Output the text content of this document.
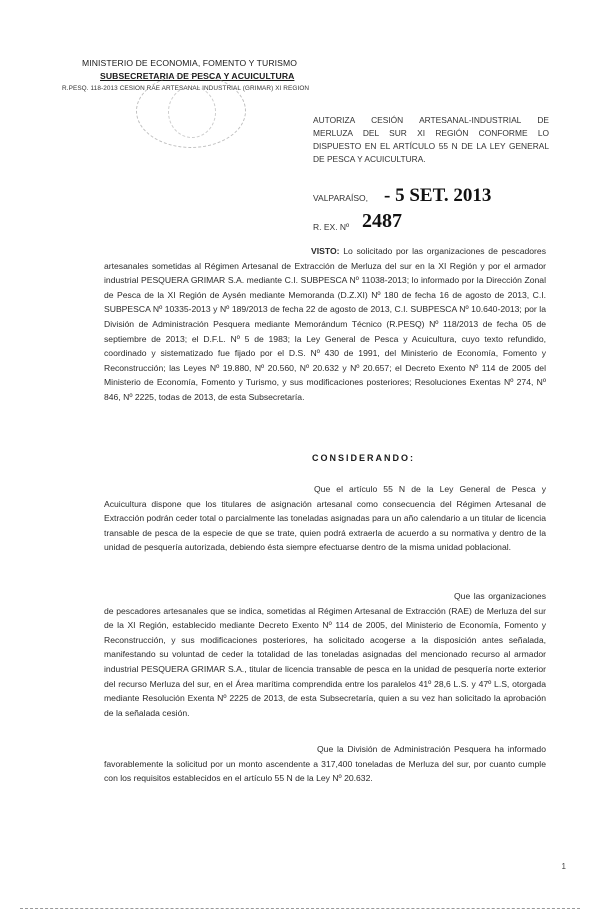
MINISTERIO DE ECONOMIA, FOMENTO Y TURISMO
SUBSECRETARIA DE PESCA Y ACUICULTURA
R.PESQ. 118-2013 CESION RAE ARTESANAL INDUSTRIAL (GRIMAR) XI REGION
AUTORIZA CESIÓN ARTESANAL-INDUSTRIAL DE MERLUZA DEL SUR XI REGIÓN CONFORME LO DISPUESTO EN EL ARTÍCULO 55 N DE LA LEY GENERAL DE PESCA Y ACUICULTURA.
VALPARAÍSO, - 5 SET. 2013
R. EX. Nº 2487
VISTO: Lo solicitado por las organizaciones de pescadores artesanales sometidas al Régimen Artesanal de Extracción de Merluza del sur en la XI Región y por el armador industrial PESQUERA GRIMAR S.A. mediante C.I. SUBPESCA Nº 11038-2013; lo informado por la Dirección Zonal de Pesca de la XI Región de Aysén mediante Memoranda (D.Z.XI) Nº 180 de fecha 16 de agosto de 2013, C.I. SUBPESCA Nº 10335-2013 y Nº 189/2013 de fecha 22 de agosto de 2013, C.I. SUBPESCA Nº 10.640-2013; por la División de Administración Pesquera mediante Memorándum Técnico (R.PESQ) Nº 118/2013 de fecha 05 de septiembre de 2013; el D.F.L. Nº 5 de 1983; la Ley General de Pesca y Acuicultura, cuyo texto refundido, coordinado y sistematizado fue fijado por el D.S. Nº 430 de 1991, del Ministerio de Economía, Fomento y Reconstrucción; las Leyes Nº 19.880, Nº 20.560, Nº 20.632 y Nº 20.657; el Decreto Exento Nº 114 de 2005 del Ministerio de Economía, Fomento y Turismo, y sus modificaciones posteriores; Resoluciones Exentas Nº 274, Nº 846, Nº 2225, todas de 2013, de esta Subsecretaría.
CONSIDERANDO:
Que el artículo 55 N de la Ley General de Pesca y Acuicultura dispone que los titulares de asignación artesanal como consecuencia del Régimen Artesanal de Extracción podrán ceder total o parcialmente las toneladas asignadas para un año calendario a un titular de licencia transable de pesca de la especie de que se trate, quien podrá extraerla de acuerdo a su normativa y dentro de la unidad de pesquería autorizada, debiendo ésta siempre efectuarse dentro de la misma unidad poblacional.
Que las organizaciones de pescadores artesanales que se indica, sometidas al Régimen Artesanal de Extracción (RAE) de Merluza del sur de la XI Región, establecido mediante Decreto Exento Nº 114 de 2005, del Ministerio de Economía, Fomento y Reconstrucción, y sus modificaciones posteriores, ha solicitado acogerse a la disposición antes señalada, manifestando su voluntad de ceder la totalidad de las toneladas asignadas del mencionado recurso al armador industrial PESQUERA GRIMAR S.A., titular de licencia transable de pesca en la unidad de pesquería norte exterior del recurso Merluza del sur, en el Área marítima comprendida entre los paralelos 41º 28,6 L.S. y 47º L.S, otorgada mediante Resolución Exenta Nº 2225 de 2013, de esta Subsecretaría, quien a su vez han solicitado la aprobación de la señalada cesión.
Que la División de Administración Pesquera ha informado favorablemente la solicitud por un monto ascendente a 317,400 toneladas de Merluza del sur, por cuanto cumple con los requisitos establecidos en el artículo 55 N de la Ley Nº 20.632.
1
